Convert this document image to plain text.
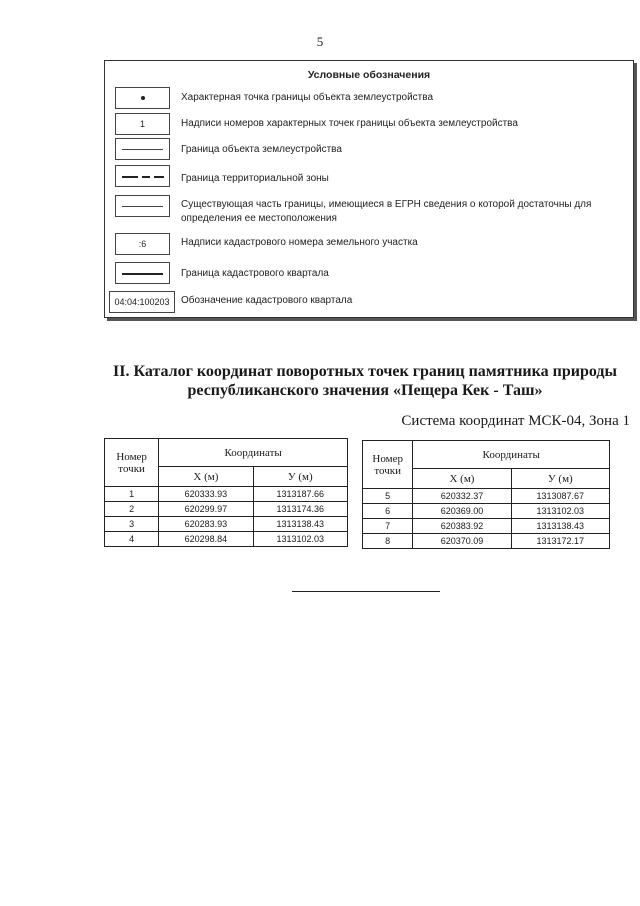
5
Условные обозначения
Характерная точка границы объекта землеустройства
1	Надписи номеров характерных точек границы объекта землеустройства
Граница объекта землеустройства
Граница территориальной зоны
Существующая часть границы, имеющиеся в ЕГРН сведения о которой достаточны для определения ее местоположения
:6	Надписи кадастрового номера земельного участка
Граница кадастрового квартала
04:04:100203	Обозначение кадастрового квартала
II. Каталог координат поворотных точек границ памятника природы республиканского значения «Пещера Кек - Таш»
Система координат МСК-04, Зона 1
Номер точки	Координаты	
	X (м)	У (м)
1	620333.93	1313187.66
2	620299.97	1313174.36
3	620283.93	1313138.43
4	620298.84	1313102.03
Номер точки	Координаты	
	X (м)	У (м)
5	620332.37	1313087.67
6	620369.00	1313102.03
7	620383.92	1313138.43
8	620370.09	1313172.17
